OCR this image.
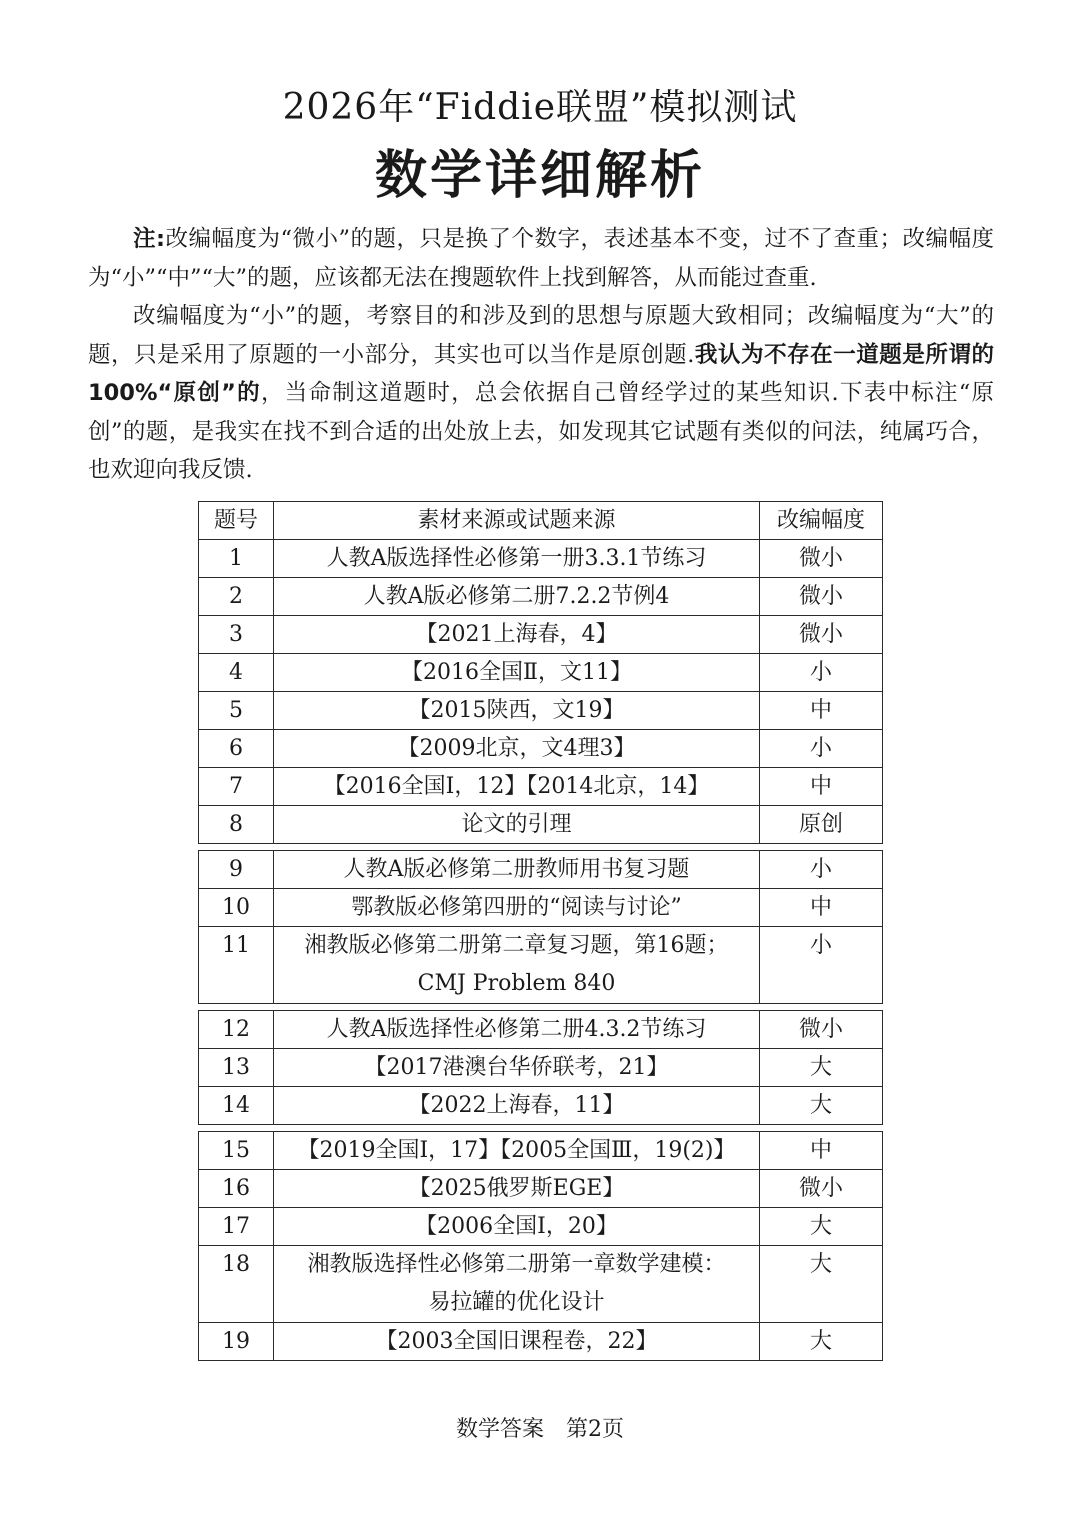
2026年“Fiddie联盟”模拟测试
数学详细解析

注:改编幅度为“微小”的题，只是换了个数字，表述基本不变，过不了查重；改编幅度为“小”“中”“大”的题，应该都无法在搜题软件上找到解答，从而能过查重.

改编幅度为“小”的题，考察目的和涉及到的思想与原题大致相同；改编幅度为“大”的题，只是采用了原题的一小部分，其实也可以当作是原创题.我认为不存在一道题是所谓的100%“原创”的，当命制这道题时，总会依据自己曾经学过的某些知识.下表中标注“原创”的题，是我实在找不到合适的出处放上去，如发现其它试题有类似的问法，纯属巧合，也欢迎向我反馈.

题号	素材来源或试题来源	改编幅度
1	人教A版选择性必修第一册3.3.1节练习	微小
2	人教A版必修第二册7.2.2节例4	微小
3	【2021上海春，4】	微小
4	【2016全国Ⅱ，文11】	小
5	【2015陕西，文19】	中
6	【2009北京，文4理3】	小
7	【2016全国Ⅰ，12】【2014北京，14】	中
8	论文的引理	原创

9	人教A版必修第二册教师用书复习题	小
10	鄂教版必修第四册的“阅读与讨论”	中
11	湘教版必修第二册第二章复习题，第16题；
CMJ Problem 840	小

12	人教A版选择性必修第二册4.3.2节练习	微小
13	【2017港澳台华侨联考，21】	大
14	【2022上海春，11】	大

15	【2019全国Ⅰ，17】【2005全国Ⅲ，19(2)】	中
16	【2025俄罗斯EGE】	微小
17	【2006全国Ⅰ，20】	大
18	湘教版选择性必修第二册第一章数学建模：
易拉罐的优化设计	大
19	【2003全国旧课程卷，22】	大
数学答案　第2页
